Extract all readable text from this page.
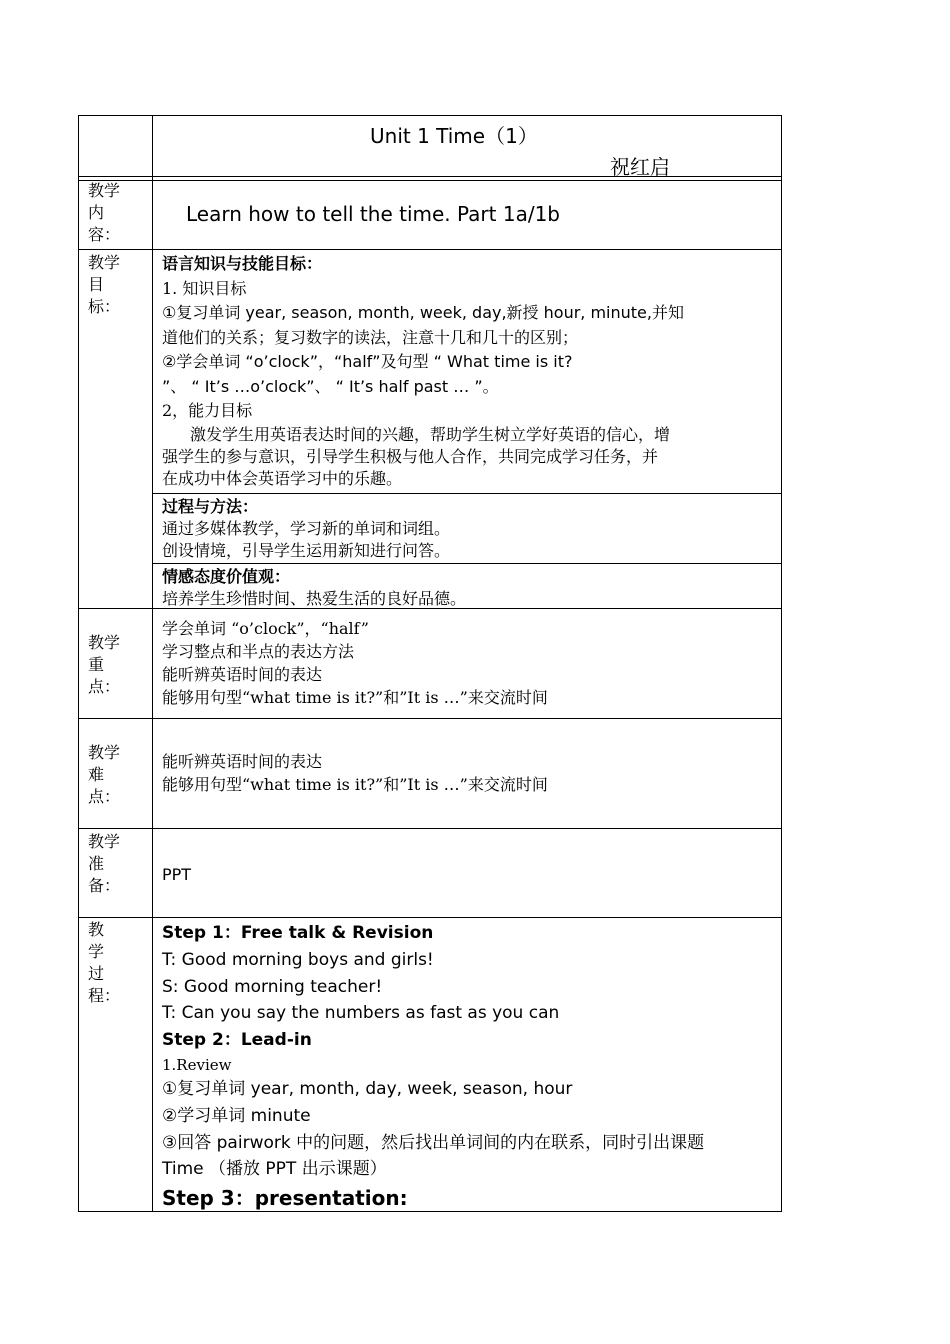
Unit 1 Time（1）
祝红启
教学
内
容：
Learn how to tell the time. Part 1a/1b
教学
目
标：

语言知识与技能目标：

1. 知识目标

①复习单词 year, season, month, week, day,新授 hour, minute,并知

道他们的关系；复习数字的读法，注意十几和几十的区别；

②学会单词 “o’clock”，“half”及句型 “ What time is it?

”、 “ It’s …o’clock”、 “ It’s half past … ”。

2，能力目标

激发学生用英语表达时间的兴趣，帮助学生树立学好英语的信心，增

强学生的参与意识，引导学生积极与他人合作，共同完成学习任务，并

在成功中体会英语学习中的乐趣。

过程与方法：

通过多媒体教学，学习新的单词和词组。

创设情境，引导学生运用新知进行问答。

情感态度价值观：

培养学生珍惜时间、热爱生活的良好品德。

教学
重
点：

学会单词 “o’clock”，“half”

学习整点和半点的表达方法

能听辨英语时间的表达

能够用句型“what time is it?”和”It is …”来交流时间

教学
难
点：

能听辨英语时间的表达

能够用句型“what time is it?”和”It is …”来交流时间

教学
准
备：
PPT
教
学
过
程：

Step 1：Free talk & Revision

T: Good morning boys and girls!

S: Good morning teacher!

T: Can you say the numbers as fast as you can

Step 2：Lead-in

1.Review

①复习单词 year, month, day, week, season, hour

②学习单词 minute

③回答 pairwork 中的问题，然后找出单词间的内在联系，同时引出课题

Time （播放 PPT 出示课题）

Step 3：presentation:
